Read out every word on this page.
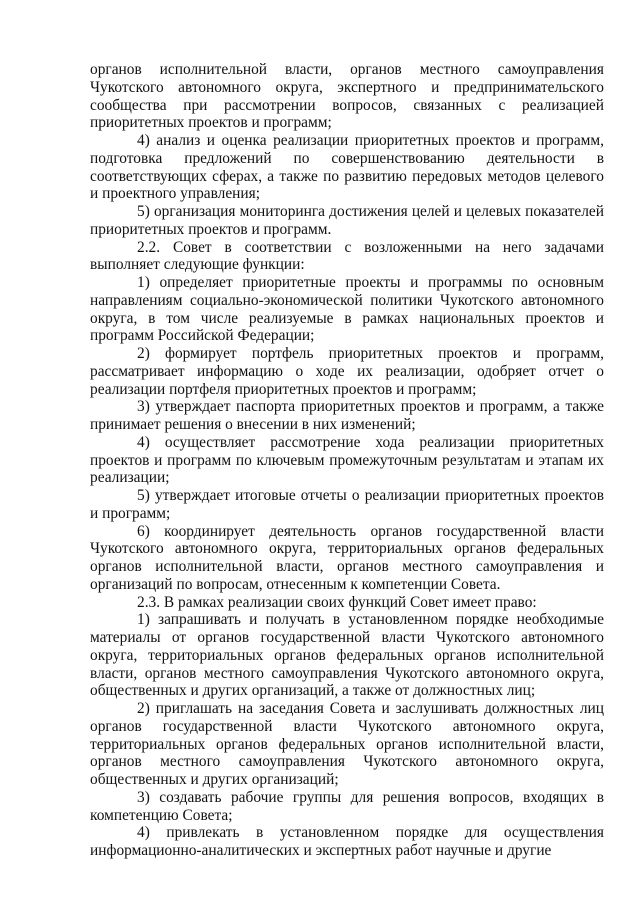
органов исполнительной власти, органов местного самоуправления Чукотского автономного округа, экспертного и предпринимательского сообщества при рассмотрении вопросов, связанных с реализацией приоритетных проектов и программ;

4) анализ и оценка реализации приоритетных проектов и программ, подготовка предложений по совершенствованию деятельности в соответствующих сферах, а также по развитию передовых методов целевого и проектного управления;

5) организация мониторинга достижения целей и целевых показателей приоритетных проектов и программ.

2.2. Совет в соответствии с возложенными на него задачами выполняет следующие функции:

1) определяет приоритетные проекты и программы по основным направлениям социально-экономической политики Чукотского автономного округа, в том числе реализуемые в рамках национальных проектов и программ Российской Федерации;

2) формирует портфель приоритетных проектов и программ, рассматривает информацию о ходе их реализации, одобряет отчет о реализации портфеля приоритетных проектов и программ;

3) утверждает паспорта приоритетных проектов и программ, а также принимает решения о внесении в них изменений;

4) осуществляет рассмотрение хода реализации приоритетных проектов и программ по ключевым промежуточным результатам и этапам их реализации;

5) утверждает итоговые отчеты о реализации приоритетных проектов и программ;

6) координирует деятельность органов государственной власти Чукотского автономного округа, территориальных органов федеральных органов исполнительной власти, органов местного самоуправления и организаций по вопросам, отнесенным к компетенции Совета.

2.3. В рамках реализации своих функций Совет имеет право:

1) запрашивать и получать в установленном порядке необходимые материалы от органов государственной власти Чукотского автономного округа, территориальных органов федеральных органов исполнительной власти, органов местного самоуправления Чукотского автономного округа, общественных и других организаций, а также от должностных лиц;

2) приглашать на заседания Совета и заслушивать должностных лиц органов государственной власти Чукотского автономного округа, территориальных органов федеральных органов исполнительной власти, органов местного самоуправления Чукотского автономного округа, общественных и других организаций;

3) создавать рабочие группы для решения вопросов, входящих в компетенцию Совета;

4) привлекать в установленном порядке для осуществления информационно-аналитических и экспертных работ научные и другие
